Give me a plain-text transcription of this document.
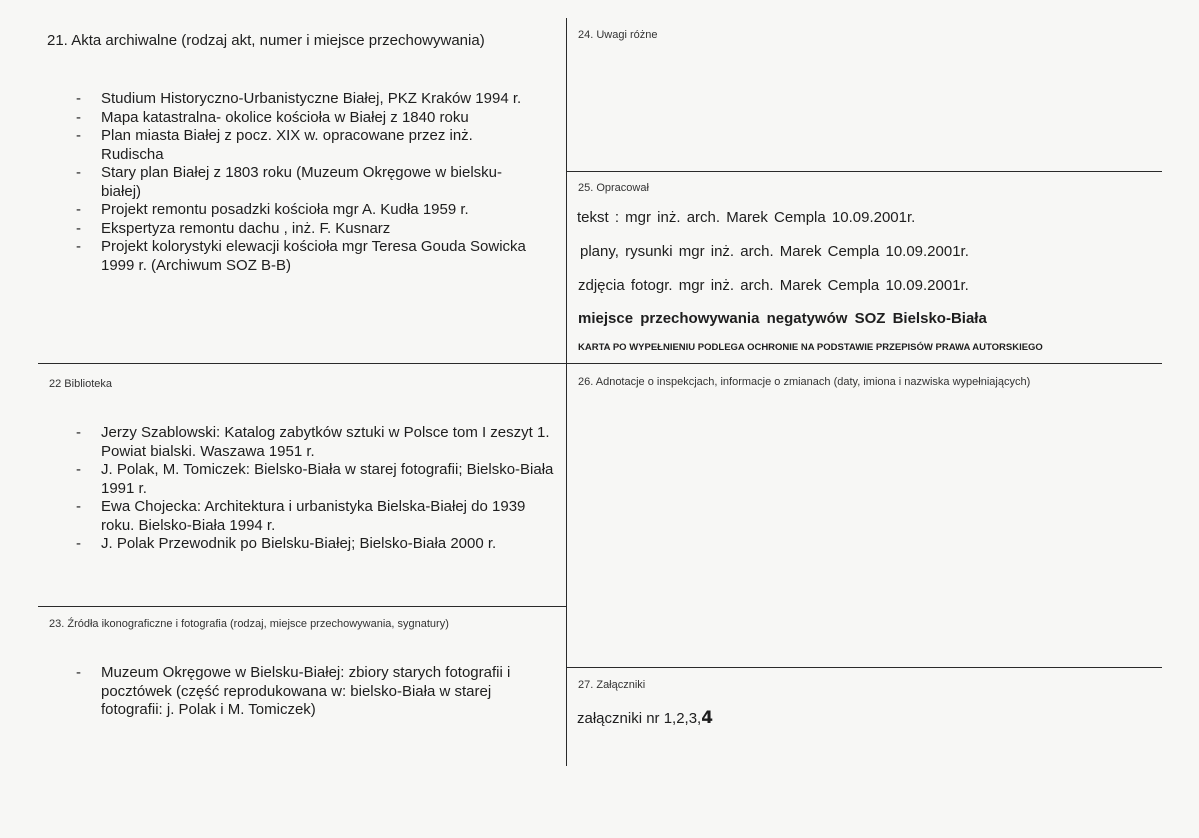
21. Akta archiwalne (rodzaj akt, numer i miejsce przechowywania)
- Studium Historyczno-Urbanistyczne Białej, PKZ Kraków 1994 r.
- Mapa katastralna- okolice kościoła w Białej z 1840 roku
- Plan miasta Białej z pocz. XIX w. opracowane przez inż. Rudischa
- Stary plan Białej z 1803 roku (Muzeum Okręgowe w bielsku-białej)
- Projekt remontu posadzki kościoła mgr A. Kudła 1959 r.
- Ekspertyza remontu dachu , inż. F. Kusnarz
- Projekt kolorystyki elewacji kościoła mgr Teresa Gouda Sowicka 1999 r. (Archiwum SOZ B-B)
22 Biblioteka
- Jerzy Szablowski: Katalog zabytków sztuki w Polsce tom I zeszyt 1. Powiat bialski. Waszawa 1951 r.
- J. Polak, M. Tomiczek: Bielsko-Biała w starej fotografii; Bielsko-Biała 1991 r.
- Ewa Chojecka: Architektura i urbanistyka Bielska-Białej do 1939 roku. Bielsko-Biała 1994 r.
- J. Polak Przewodnik po Bielsku-Białej; Bielsko-Biała 2000 r.
23. Źródła ikonograficzne i fotografia (rodzaj, miejsce przechowywania, sygnatury)
- Muzeum Okręgowe w Bielsku-Białej: zbiory starych fotografii i pocztówek (część reprodukowana w: bielsko-Biała w starej fotografii: j. Polak i M. Tomiczek)
24. Uwagi różne
25. Opracował
tekst : mgr inż. arch. Marek Cempla 10.09.2001r.
plany, rysunki mgr inż. arch. Marek Cempla 10.09.2001r.
zdjęcia fotogr. mgr inż. arch. Marek Cempla 10.09.2001r.
miejsce przechowywania negatywów SOZ Bielsko-Biała
KARTA PO WYPEŁNIENIU PODLEGA OCHRONIE NA PODSTAWIE PRZEPISÓW PRAWA AUTORSKIEGO
26. Adnotacje o inspekcjach, informacje o zmianach (daty, imiona i nazwiska wypełniających)
27. Załączniki
załączniki nr 1,2,3,4
